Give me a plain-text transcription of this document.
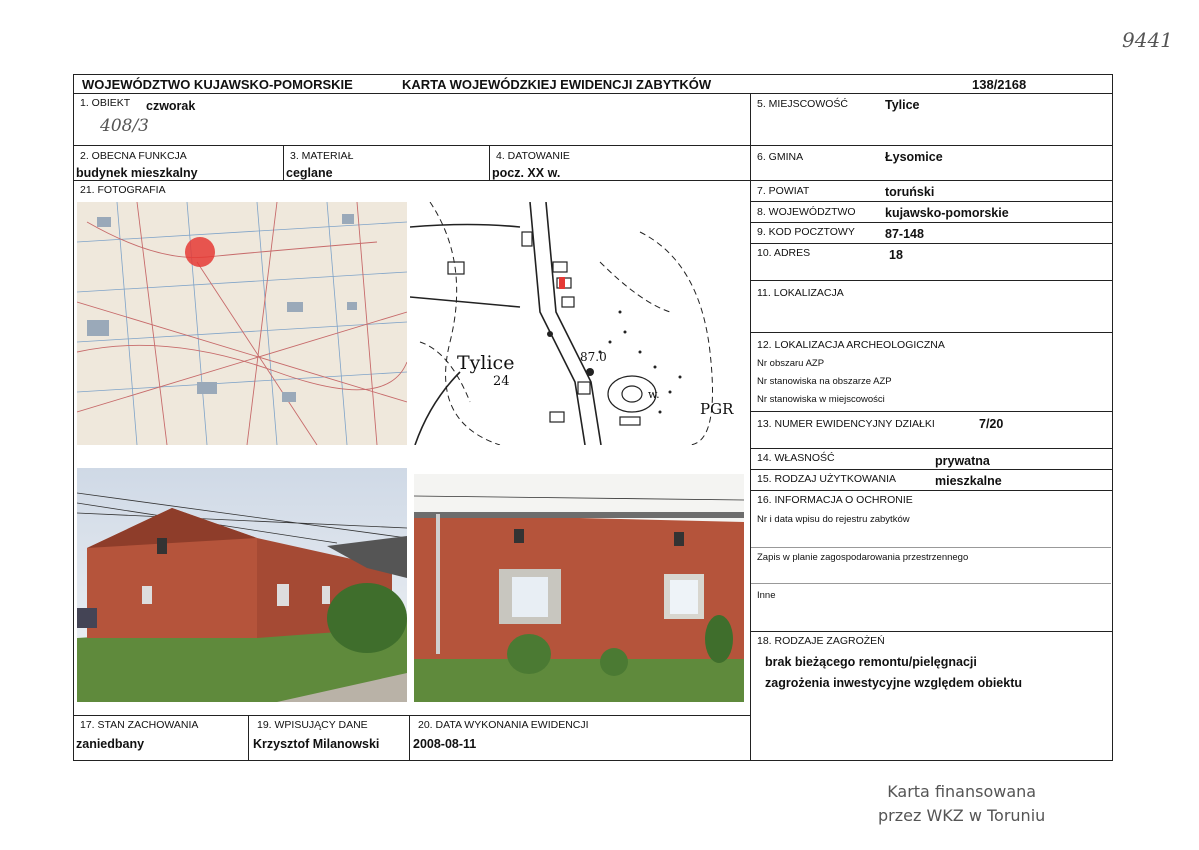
9441
WOJEWÓDZTWO KUJAWSKO-POMORSKIE	KARTA WOJEWÓDZKIEJ EWIDENCJI ZABYTKÓW	138/2168
1. OBIEKT czworak
408/3
2. OBECNA FUNKCJA
budynek mieszkalny
3. MATERIAŁ
ceglane
4. DATOWANIE
pocz. XX w.
21. FOTOGRAFIA
Tylice
24
87.0
w.
PGR
5. MIEJSCOWOŚĆ	Tylice
6. GMINA	Łysomice
7. POWIAT	toruński
8. WOJEWÓDZTWO kujawsko-pomorskie
9. KOD POCZTOWY 87-148
10. ADRES	18
11. LOKALIZACJA
12. LOKALIZACJA ARCHEOLOGICZNA
Nr obszaru AZP
Nr stanowiska na obszarze AZP
Nr stanowiska w miejscowości
13. NUMER EWIDENCYJNY DZIAŁKI	7/20
14. WŁASNOŚĆ	prywatna
15. RODZAJ UŻYTKOWANIA	mieszkalne
16. INFORMACJA O OCHRONIE
Nr i data wpisu do rejestru zabytków
Zapis w planie zagospodarowania przestrzennego
Inne
18. RODZAJE ZAGROŻEŃ
brak bieżącego remontu/pielęgnacji
zagrożenia inwestycyjne względem obiektu
17. STAN ZACHOWANIA
zaniedbany
19. WPISUJĄCY DANE
Krzysztof Milanowski
20. DATA WYKONANIA EWIDENCJI
2008-08-11
Karta finansowana
przez WKZ w Toruniu
